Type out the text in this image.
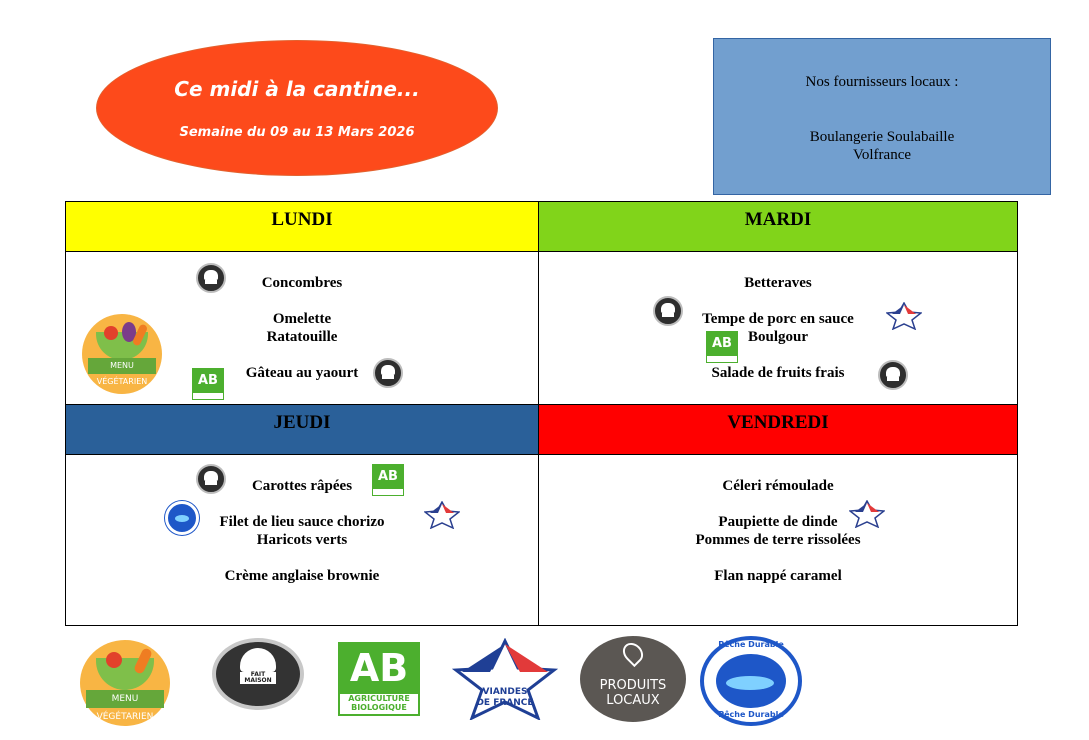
Ce midi à la cantine...
Semaine du 09 au 13 Mars 2026
Nos fournisseurs locaux :
Boulangerie Soulabaille
Volfrance
LUNDI	MARDI
JEUDI	VENDREDI
Concombres
Omelette
Ratatouille
Gâteau au yaourt
Betteraves
Tempe de porc en sauce
Boulgour
Salade de fruits frais
Carottes râpées
Filet de lieu sauce chorizo
Haricots verts
Crème anglaise brownie
Céleri rémoulade
Paupiette de dinde
Pommes de terre rissolées
Flan nappé caramel
MENU VÉGÉTARIEN	AB
AB
AB
MENU VÉGÉTARIEN
FAIT MAISON	AB
AGRICULTURE BIOLOGIQUE
VIANDES
DE FRANCE
PRODUITS LOCAUX
Pêche Durable
Pêche Durable
